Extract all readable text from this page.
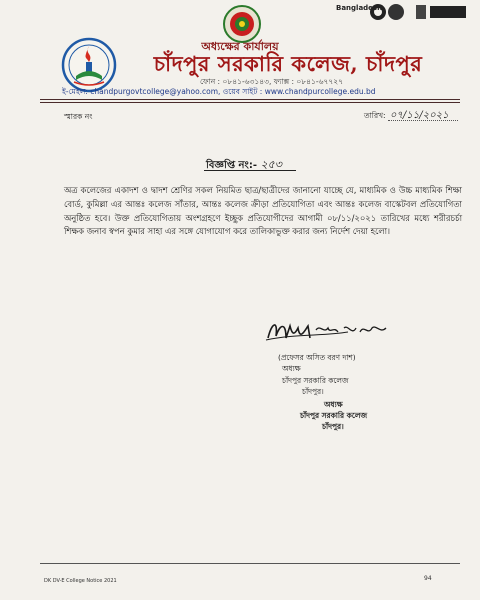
Bangladesh
অধ্যক্ষের কার্যালয়
চাঁদপুর সরকারি কলেজ, চাঁদপুর
ফোন : ০৮৪১-৬৩১৪৩, ফ্যাক্স : ০৮৪১-৬৭৭২৭
ই-মেইল: chandpurgovtcollege@yahoo.com, ওয়েব সাইট : www.chandpurcollege.edu.bd
স্মারক নং	তারিখ: ০৭/১১/২০২১
বিজ্ঞপ্তি নং:- ২৫৩
অত্র কলেজের একাদশ ও দ্বাদশ শ্রেণির সকল নিয়মিত ছাত্র/ছাত্রীদের জানানো যাচ্ছে যে, মাধ্যমিক ও উচ্চ মাধ্যমিক শিক্ষা বোর্ড, কুমিল্লা এর আন্তঃ কলেজ সাঁতার, আন্তঃ কলেজ ক্রীড়া প্রতিযোগিতা এবং আন্তঃ কলেজ বাস্কেটবল প্রতিযোগিতা অনুষ্ঠিত হবে। উক্ত প্রতিযোগিতায় অংশগ্রহণে ইচ্ছুক প্রতিযোগীদের আগামী ০৮/১১/২০২১ তারিখের মধ্যে শরীরচর্চা শিক্ষক জনাব স্বপন কুমার সাহা এর সঙ্গে যোগাযোগ করে তালিকাভুক্ত করার জন্য নির্দেশ দেয়া হলো।
(প্রফেসর অসিত বরণ দাশ)
অধ্যক্ষ
চাঁদপুর সরকারি কলেজ
চাঁদপুর।
অধ্যক্ষ
চাঁদপুর সরকারি কলেজ
চাঁদপুর।
DK DV-E College Notice 2021	94
